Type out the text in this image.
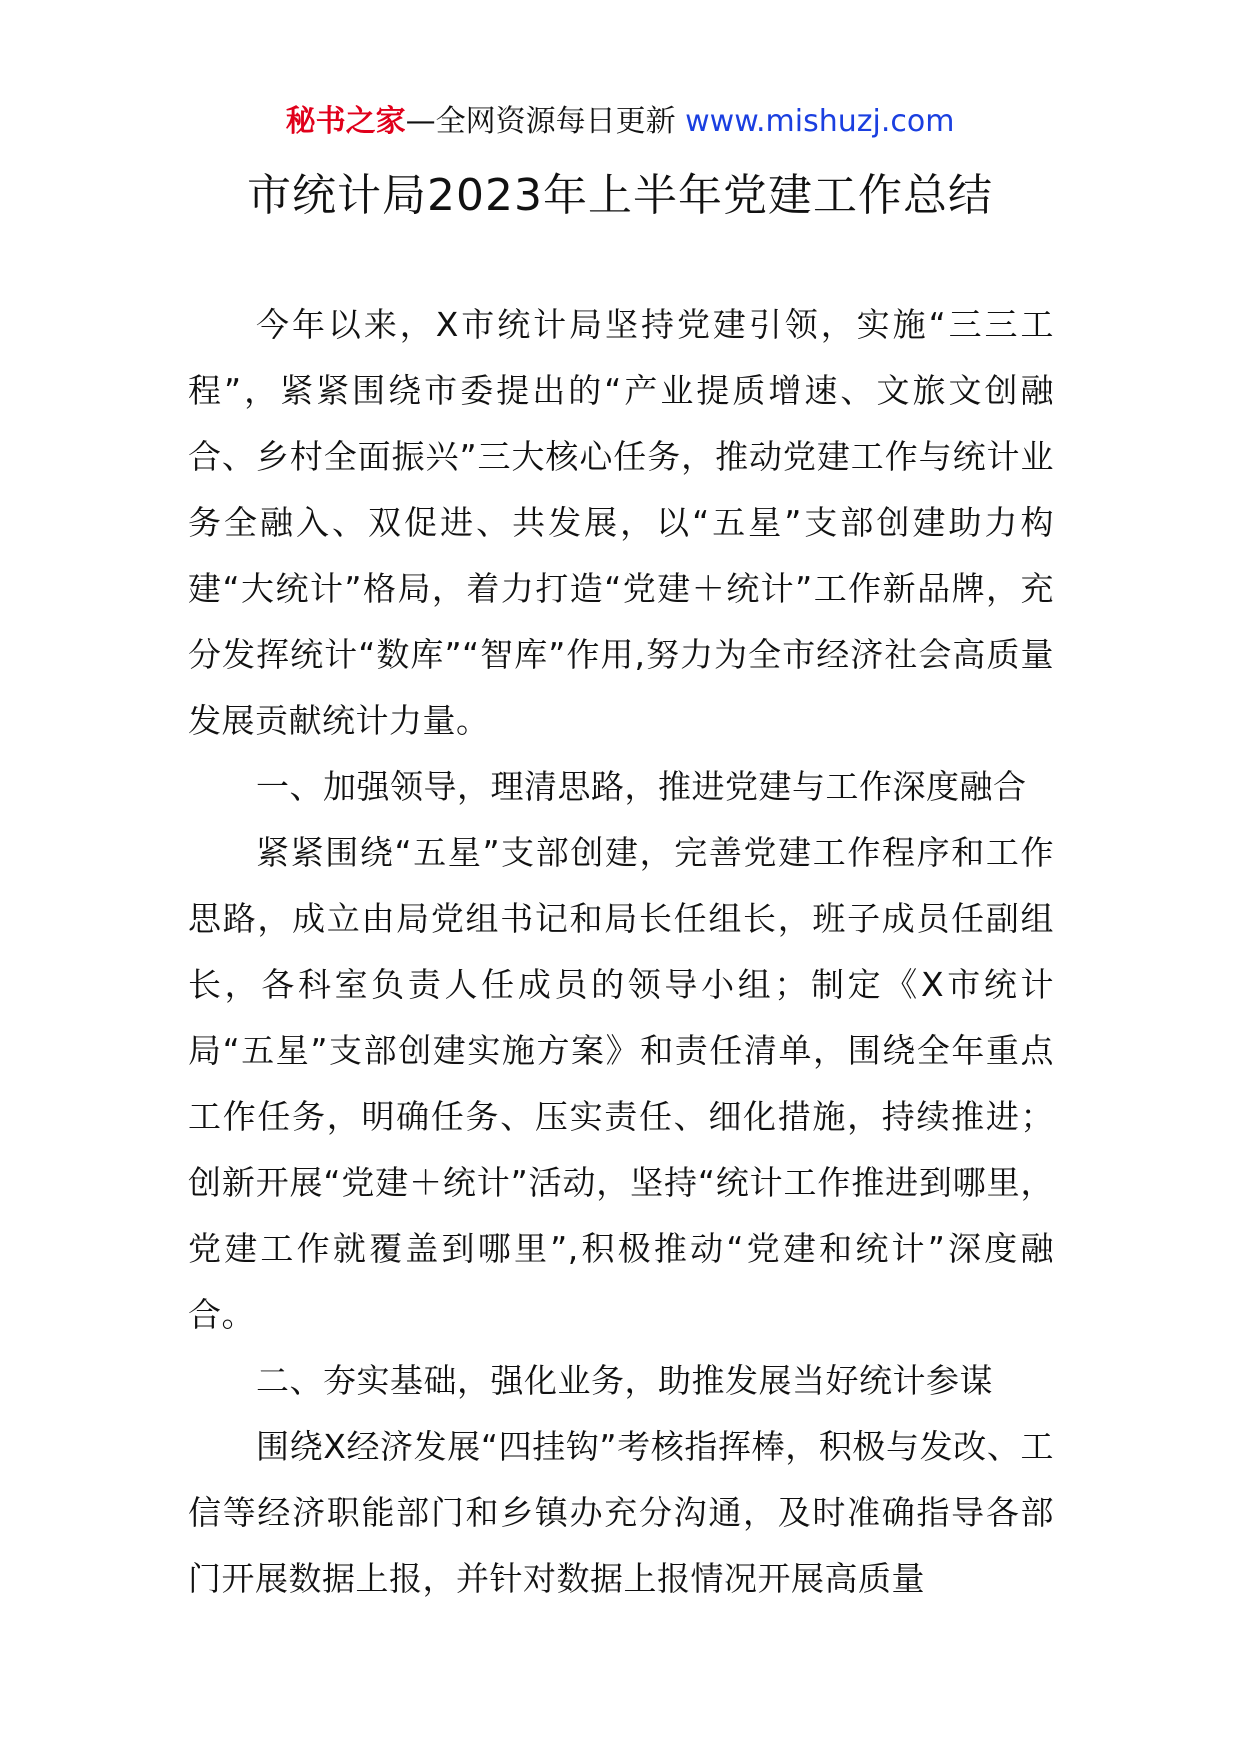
秘书之家—全网资源每日更新 www.mishuzj.com
市统计局2023年上半年党建工作总结

今年以来，X市统计局坚持党建引领，实施“三三工程”，紧紧围绕市委提出的“产业提质增速、文旅文创融合、乡村全面振兴”三大核心任务，推动党建工作与统计业务全融入、双促进、共发展，以“五星”支部创建助力构建“大统计”格局，着力打造“党建＋统计”工作新品牌，充分发挥统计“数库”“智库”作用,努力为全市经济社会高质量发展贡献统计力量。

一、加强领导，理清思路，推进党建与工作深度融合

紧紧围绕“五星”支部创建，完善党建工作程序和工作思路，成立由局党组书记和局长任组长，班子成员任副组长，各科室负责人任成员的领导小组；制定《X市统计局“五星”支部创建实施方案》和责任清单，围绕全年重点工作任务，明确任务、压实责任、细化措施，持续推进；创新开展“党建＋统计”活动，坚持“统计工作推进到哪里，党建工作就覆盖到哪里”,积极推动“党建和统计”深度融合。

二、夯实基础，强化业务，助推发展当好统计参谋

围绕X经济发展“四挂钩”考核指挥棒，积极与发改、工信等经济职能部门和乡镇办充分沟通，及时准确指导各部门开展数据上报，并针对数据上报情况开展高质量
